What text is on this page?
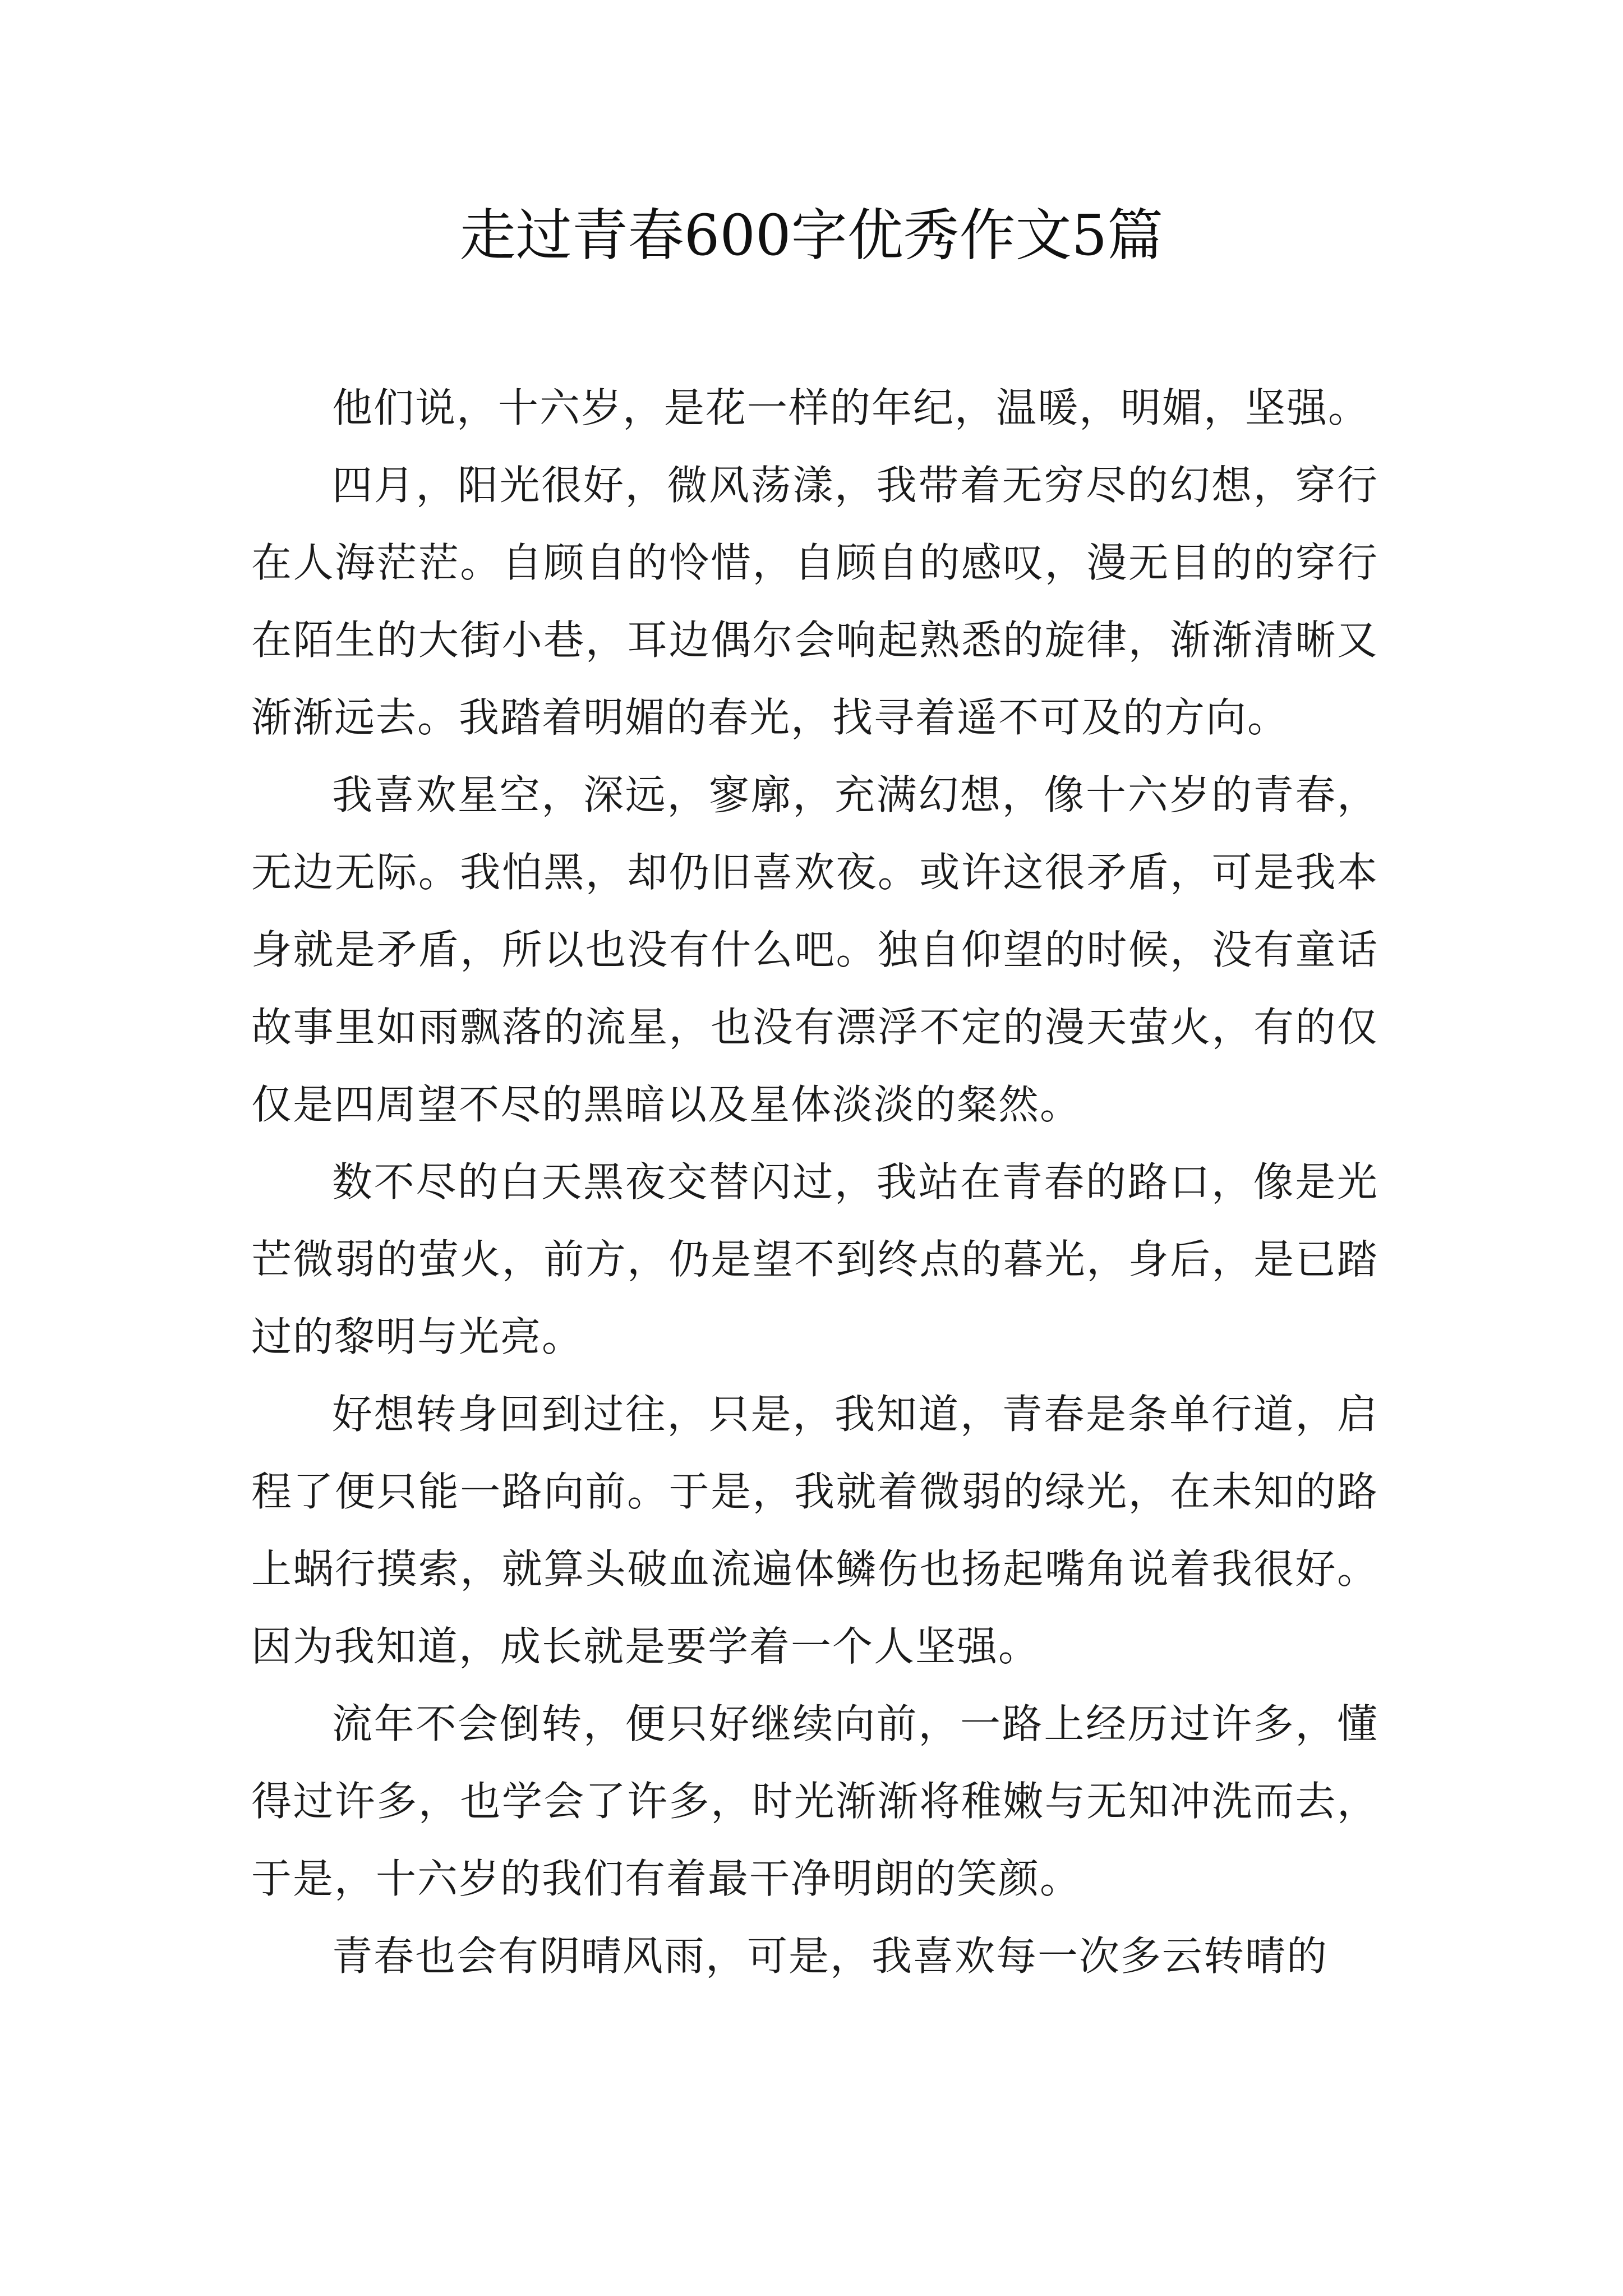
走过青春600字优秀作文5篇

他们说，十六岁，是花一样的年纪，温暖，明媚，坚强。

四月，阳光很好，微风荡漾，我带着无穷尽的幻想，穿行在人海茫茫。自顾自的怜惜，自顾自的感叹，漫无目的的穿行在陌生的大街小巷，耳边偶尔会响起熟悉的旋律，渐渐清晰又渐渐远去。我踏着明媚的春光，找寻着遥不可及的方向。

我喜欢星空，深远，寥廓，充满幻想，像十六岁的青春，无边无际。我怕黑，却仍旧喜欢夜。或许这很矛盾，可是我本身就是矛盾，所以也没有什么吧。独自仰望的时候，没有童话故事里如雨飘落的流星，也没有漂浮不定的漫天萤火，有的仅仅是四周望不尽的黑暗以及星体淡淡的粲然。

数不尽的白天黑夜交替闪过，我站在青春的路口，像是光芒微弱的萤火，前方，仍是望不到终点的暮光，身后，是已踏过的黎明与光亮。

好想转身回到过往，只是，我知道，青春是条单行道，启程了便只能一路向前。于是，我就着微弱的绿光，在未知的路上蜗行摸索，就算头破血流遍体鳞伤也扬起嘴角说着我很好。因为我知道，成长就是要学着一个人坚强。

流年不会倒转，便只好继续向前，一路上经历过许多，懂得过许多，也学会了许多，时光渐渐将稚嫩与无知冲洗而去，于是，十六岁的我们有着最干净明朗的笑颜。

青春也会有阴晴风雨，可是，我喜欢每一次多云转晴的
